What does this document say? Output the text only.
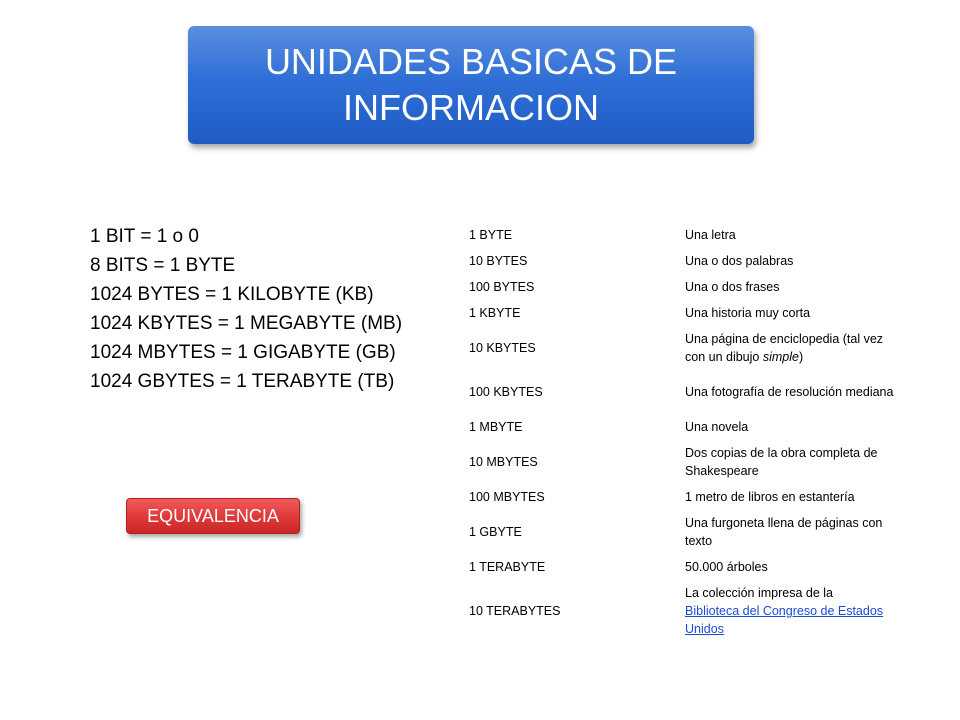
UNIDADES BASICAS DE INFORMACION
1 BIT = 1 o 0
8 BITS = 1 BYTE
1024 BYTES = 1 KILOBYTE (KB)
1024 KBYTES = 1 MEGABYTE (MB)
1024 MBYTES = 1 GIGABYTE (GB)
1024 GBYTES = 1 TERABYTE (TB)
EQUIVALENCIA
1 BYTE	Una letra
10 BYTES	Una o dos palabras
100 BYTES	Una o dos frases
1 KBYTE	Una historia muy corta
10 KBYTES	Una página de enciclopedia (tal vez con un dibujo simple)
100 KBYTES	Una fotografía de resolución mediana
1 MBYTE	Una novela
10 MBYTES	Dos copias de la obra completa de Shakespeare
100 MBYTES	1 metro de libros en estantería
1 GBYTE	Una furgoneta llena de páginas con texto
1 TERABYTE	50.000 árboles
10 TERABYTES	La colección impresa de la
Biblioteca del Congreso de Estados Unidos
